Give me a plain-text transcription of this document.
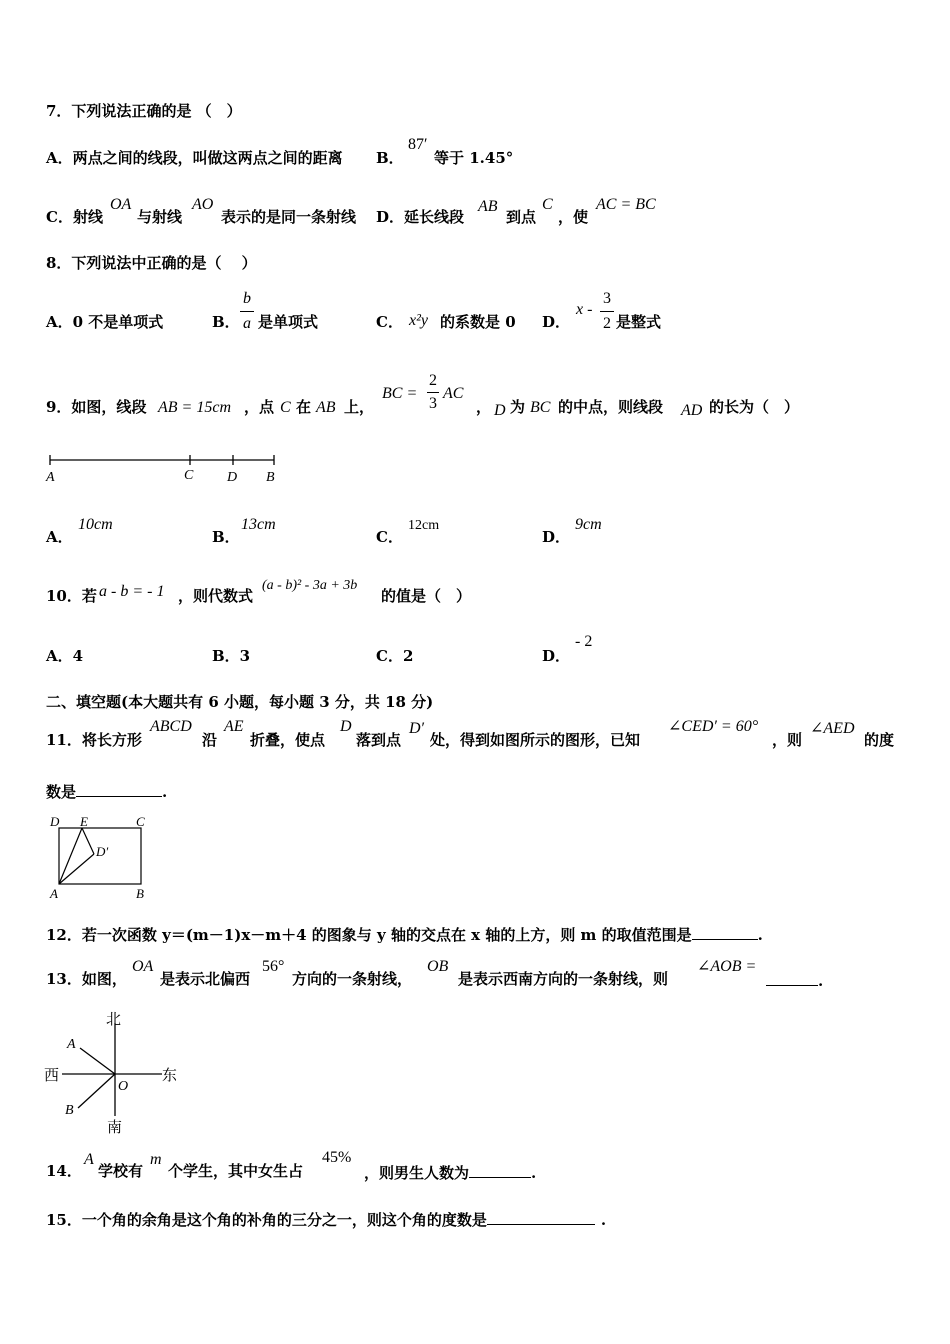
7．下列说法正确的是 （　）
A．两点之间的线段，叫做这两点之间的距离 B．
87′
等于 1.45°
C．射线
OA
与射线
AO
表示的是同一条射线 D．延长线段
AB
到点
C
，使
AC = BC
8．下列说法中正确的是（　 ）
A．0 不是单项式	B．
b
a 是单项式	C． x²y 的系数是 0 D．
x -
3
2 是整式
9．如图，线段 AB = 15cm ，点 C 在 AB 上，
BC =
2
3
AC
， D 为 BC 的中点，则线段 AD 的长为（　）
A	C D B
A．
10cm
B．
13cm
C．
12cm
D．
9cm
10．若 a - b = - 1 ，则代数式
(a - b)² - 3a + 3b
的值是（　）
A．4	B．3	C．2	D．
- 2
二、填空题(本大题共有 6 小题，每小题 3 分，共 18 分)
11．将长方形
ABCD
沿
AE
折叠，使点
D
落到点
D′
处，得到如图所示的图形，已知
∠CED′ = 60°
，则
∠AED
的度
数是	.
D E	C
D′
A	B
12．若一次函数 y＝(m－1)x－m＋4 的图象与 y 轴的交点在 x 轴的上方，则 m 的取值范围是	.
13．如图，
OA
是表示北偏西
56°
方向的一条射线，
OB
是表示西南方向的一条射线，则
∠AOB =
.
北
南
西	东
A
B
O
14．
A
学校有
m
个学生，其中女生占
45%
，则男生人数为	.
15．一个角的余角是这个角的补角的三分之一，则这个角的度数是	.
